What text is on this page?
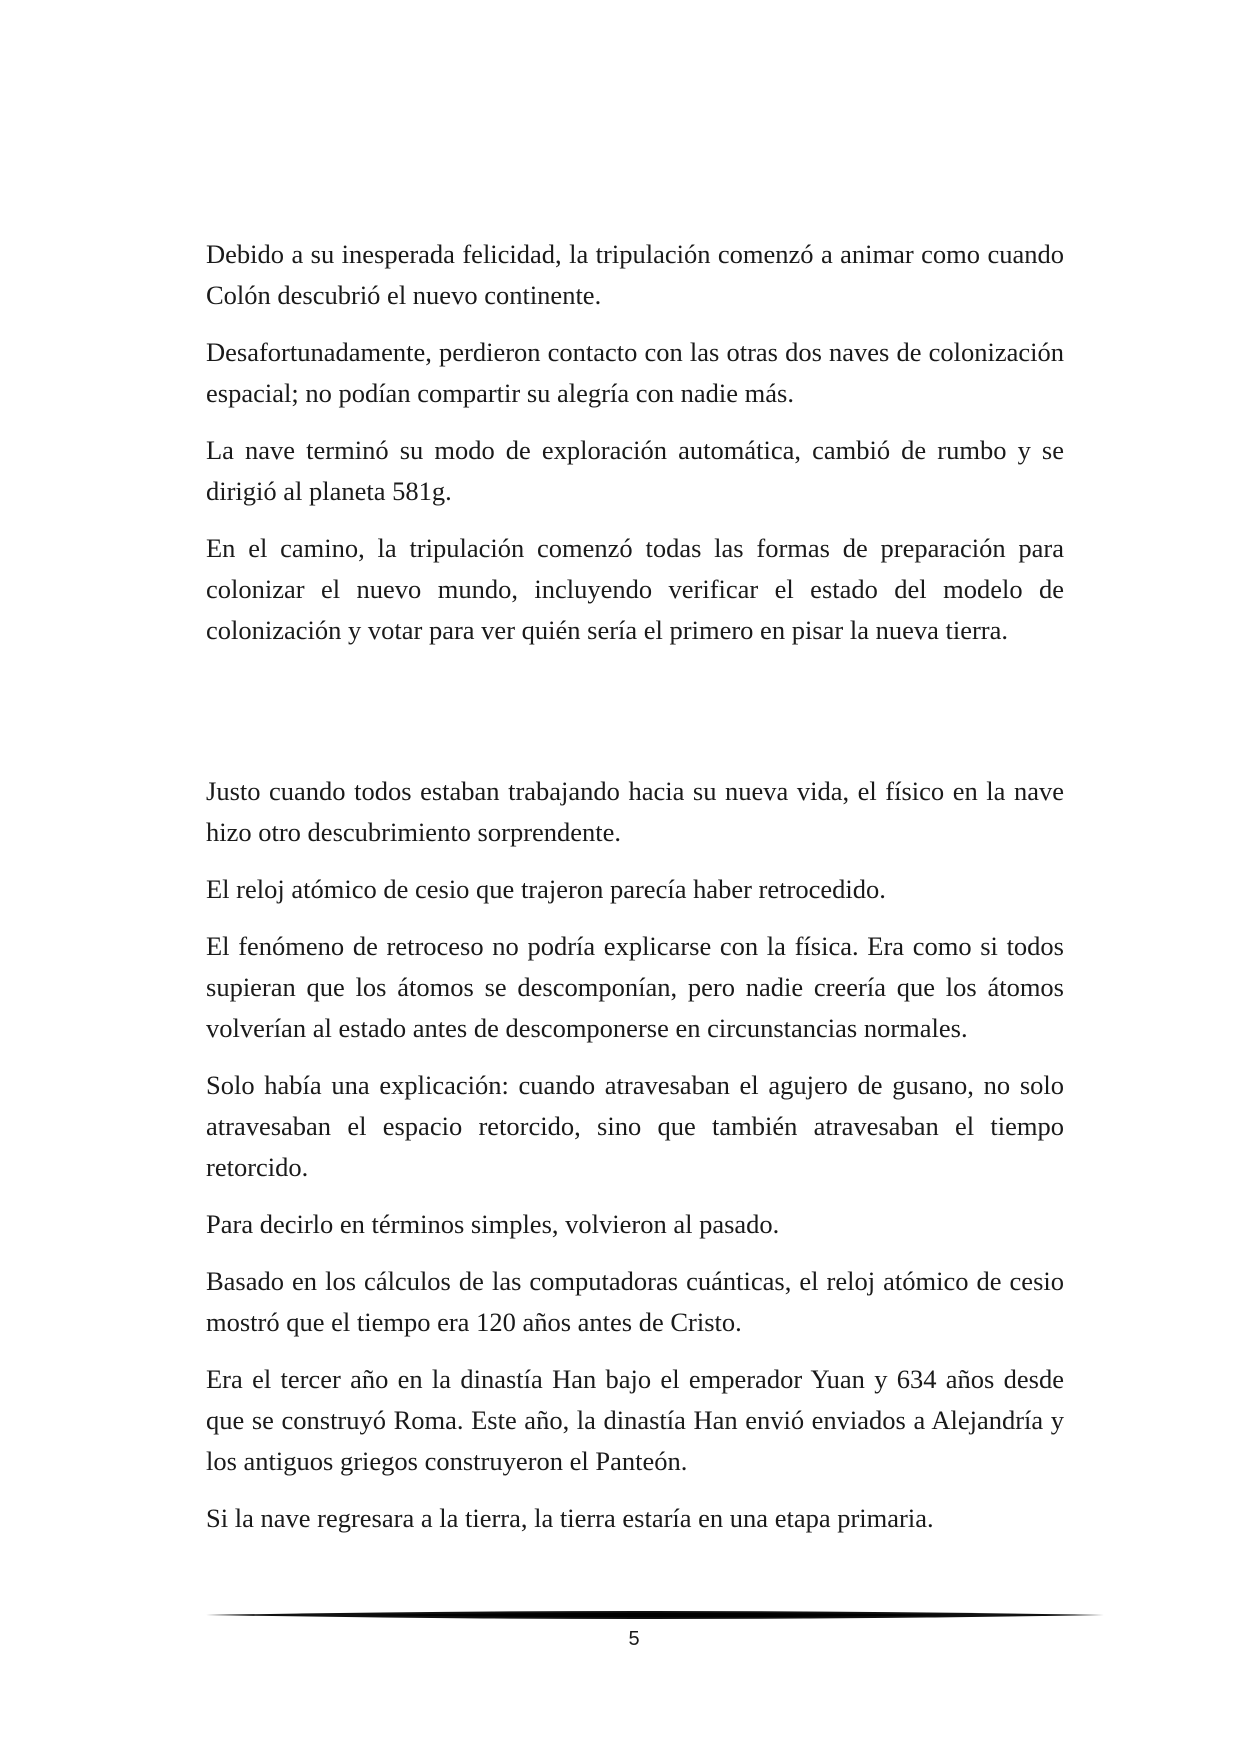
Debido a su inesperada felicidad, la tripulación comenzó a animar como cuando Colón descubrió el nuevo continente.

Desafortunadamente, perdieron contacto con las otras dos naves de colonización espacial; no podían compartir su alegría con nadie más.

La nave terminó su modo de exploración automática, cambió de rumbo y se dirigió al planeta 581g.

En el camino, la tripulación comenzó todas las formas de preparación para colonizar el nuevo mundo, incluyendo verificar el estado del modelo de colonización y votar para ver quién sería el primero en pisar la nueva tierra.

Justo cuando todos estaban trabajando hacia su nueva vida, el físico en la nave hizo otro descubrimiento sorprendente.

El reloj atómico de cesio que trajeron parecía haber retrocedido.

El fenómeno de retroceso no podría explicarse con la física. Era como si todos supieran que los átomos se descomponían, pero nadie creería que los átomos volverían al estado antes de descomponerse en circunstancias normales.

Solo había una explicación: cuando atravesaban el agujero de gusano, no solo atravesaban el espacio retorcido, sino que también atravesaban el tiempo retorcido.

Para decirlo en términos simples, volvieron al pasado.

Basado en los cálculos de las computadoras cuánticas, el reloj atómico de cesio mostró que el tiempo era 120 años antes de Cristo.

Era el tercer año en la dinastía Han bajo el emperador Yuan y 634 años desde que se construyó Roma. Este año, la dinastía Han envió enviados a Alejandría y los antiguos griegos construyeron el Panteón.

Si la nave regresara a la tierra, la tierra estaría en una etapa primaria.

5
